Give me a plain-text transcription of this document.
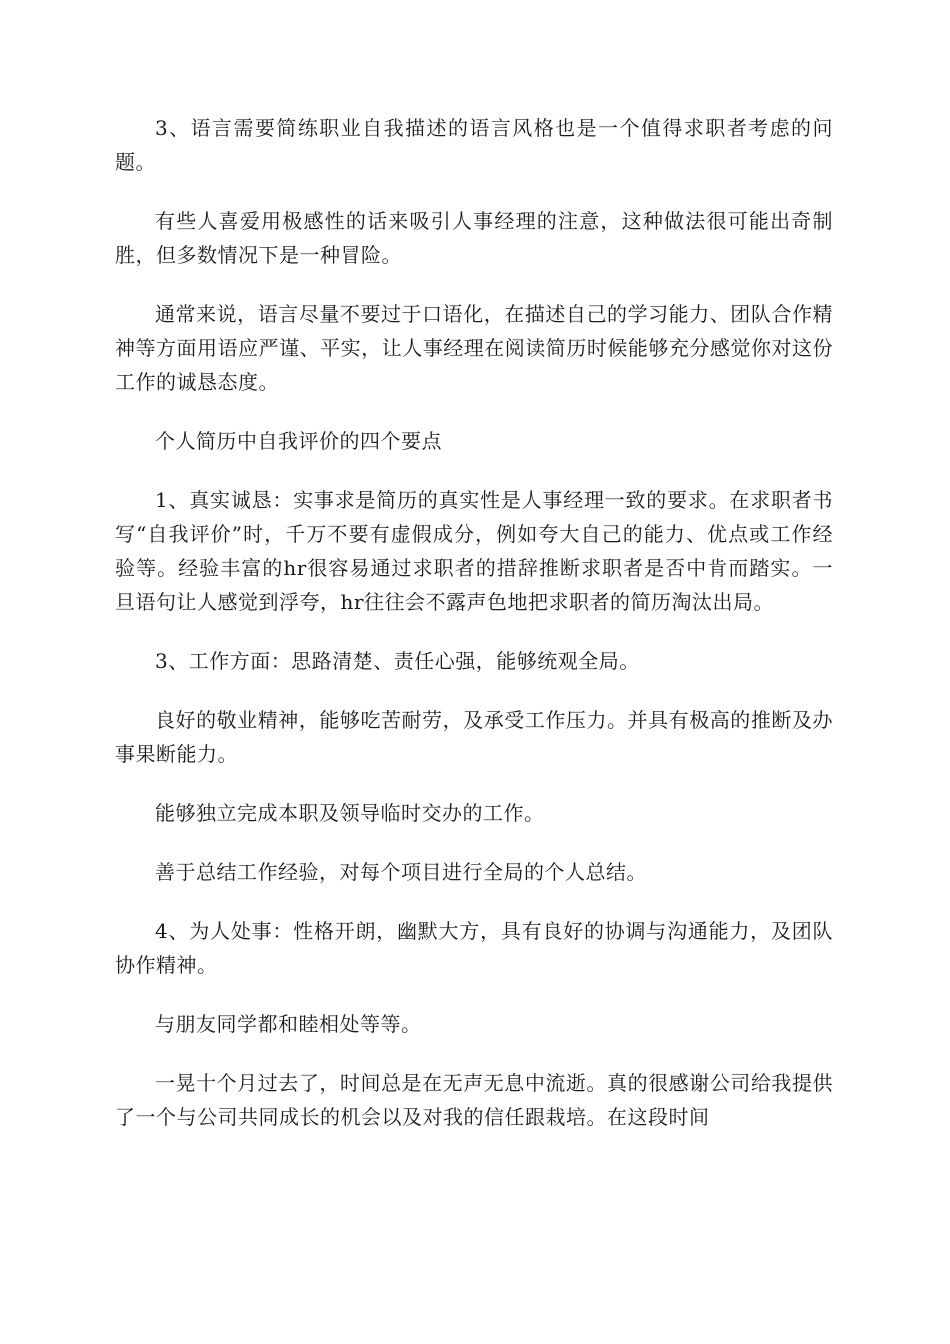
3、语言需要简练职业自我描述的语言风格也是一个值得求职者考虑的问题。

有些人喜爱用极感性的话来吸引人事经理的注意，这种做法很可能出奇制胜，但多数情况下是一种冒险。

通常来说，语言尽量不要过于口语化，在描述自己的学习能力、团队合作精神等方面用语应严谨、平实，让人事经理在阅读简历时候能够充分感觉你对这份工作的诚恳态度。

个人简历中自我评价的四个要点

1、真实诚恳：实事求是简历的真实性是人事经理一致的要求。在求职者书写“自我评价”时，千万不要有虚假成分，例如夸大自己的能力、优点或工作经验等。经验丰富的hr很容易通过求职者的措辞推断求职者是否中肯而踏实。一旦语句让人感觉到浮夸，hr往往会不露声色地把求职者的简历淘汰出局。

3、工作方面：思路清楚、责任心强，能够统观全局。

良好的敬业精神，能够吃苦耐劳，及承受工作压力。并具有极高的推断及办事果断能力。

能够独立完成本职及领导临时交办的工作。

善于总结工作经验，对每个项目进行全局的个人总结。

4、为人处事：性格开朗，幽默大方，具有良好的协调与沟通能力，及团队协作精神。

与朋友同学都和睦相处等等。

一晃十个月过去了，时间总是在无声无息中流逝。真的很感谢公司给我提供了一个与公司共同成长的机会以及对我的信任跟栽培。在这段时间
